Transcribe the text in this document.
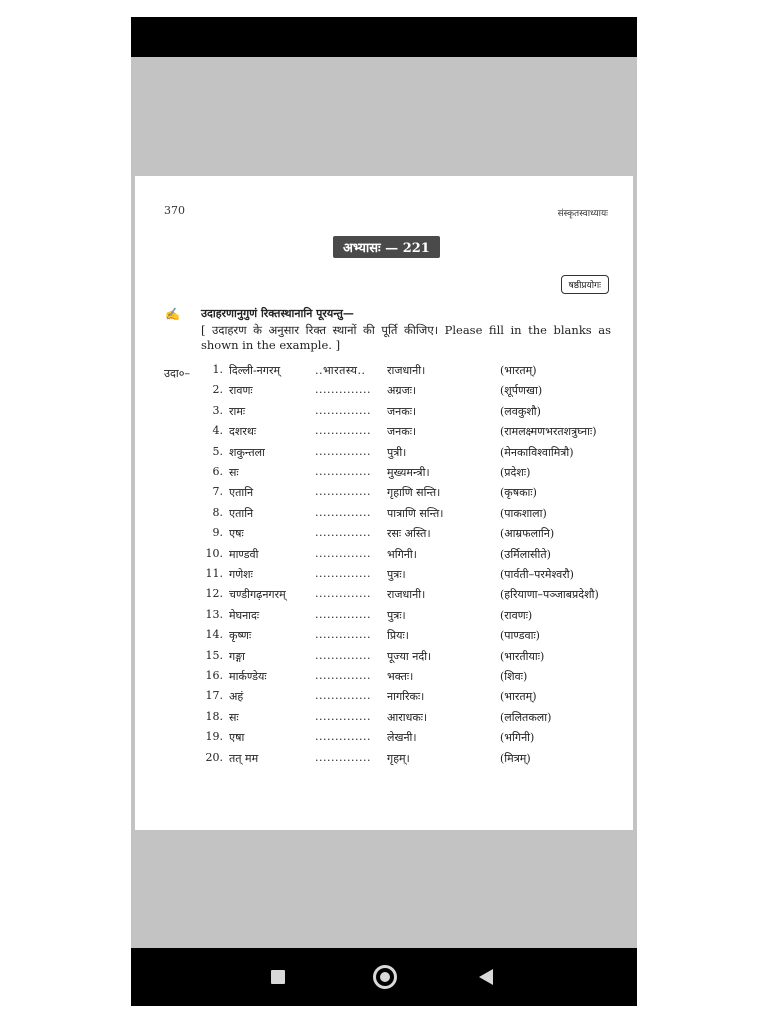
370	संस्कृतस्वाध्यायः
अभ्यासः — 221
षष्ठीप्रयोगः
✍ उदाहरणानुगुणं रिक्तस्थानानि पूरयन्तु—
[ उदाहरण के अनुसार रिक्त स्थानों की पूर्ति कीजिए। Please fill in the blanks as shown in the example. ]
उदा०–	1. दिल्ली-नगरम्	..भारतस्य.. राजधानी।	(भारतम्)
2. रावणः	.............. अग्रजः।	(शूर्पणखा)
3. रामः	.............. जनकः।	(लवकुशौ)
4. दशरथः	.............. जनकः।	(रामलक्ष्मणभरतशत्रुघ्नाः)
5. शकुन्तला	.............. पुत्री।	(मेनकाविश्वामित्रौ)
6. सः	.............. मुख्यमन्त्री।	(प्रदेशः)
7. एतानि	.............. गृहाणि सन्ति।	(कृषकाः)
8. एतानि	.............. पात्राणि सन्ति।	(पाकशाला)
9. एषः	.............. रसः अस्ति।	(आम्रफलानि)
10. माण्डवी	.............. भगिनी।	(उर्मिलासीते)
11. गणेशः	.............. पुत्रः।	(पार्वती–परमेश्वरौ)
12. चण्डीगढ़नगरम्	.............. राजधानी।	(हरियाणा–पञ्जाबप्रदेशौ)
13. मेघनादः	.............. पुत्रः।	(रावणः)
14. कृष्णः	.............. प्रियः।	(पाण्डवाः)
15. गङ्गा	.............. पूज्या नदी।	(भारतीयाः)
16. मार्कण्डेयः	.............. भक्तः।	(शिवः)
17. अहं	.............. नागरिकः।	(भारतम्)
18. सः	.............. आराधकः।	(ललितकला)
19. एषा	.............. लेखनी।	(भगिनी)
20. तत् मम	.............. गृहम्।	(मित्रम्)
